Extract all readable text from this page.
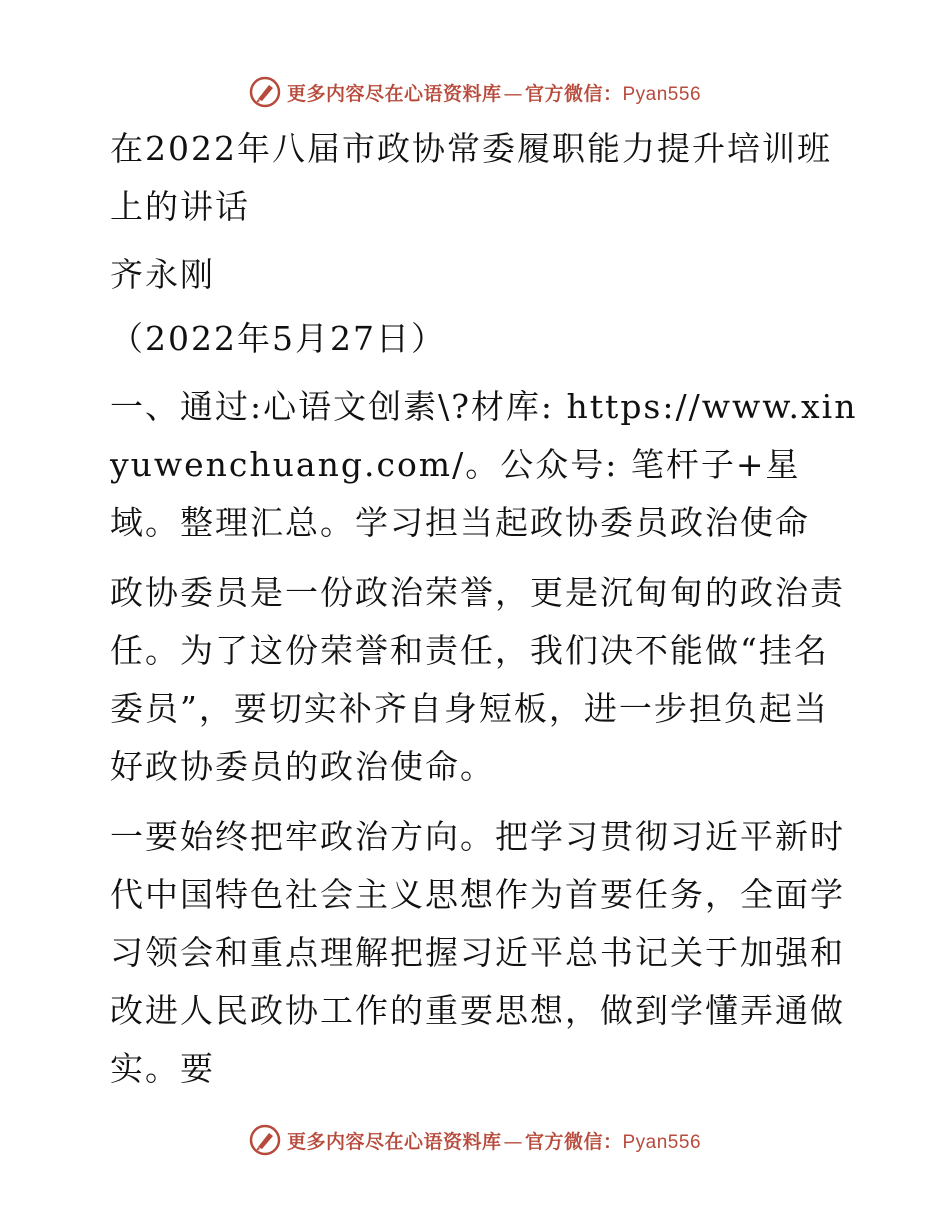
更多内容尽在心语资料库 — 官方微信：Pyan556

在2022年八届市政协常委履职能力提升培训班上的讲话

齐永刚

（2022年5月27日）

一、通过:心语文创素\?材库: https://www.xinyuwenchuang.com/。公众号: 笔杆子+星域。整理汇总。学习担当起政协委员政治使命

政协委员是一份政治荣誉，更是沉甸甸的政治责任。为了这份荣誉和责任，我们决不能做“挂名委员”，要切实补齐自身短板，进一步担负起当好政协委员的政治使命。

一要始终把牢政治方向。把学习贯彻习近平新时代中国特色社会主义思想作为首要任务，全面学习领会和重点理解把握习近平总书记关于加强和改进人民政协工作的重要思想，做到学懂弄通做实。要

更多内容尽在心语资料库 — 官方微信：Pyan556
